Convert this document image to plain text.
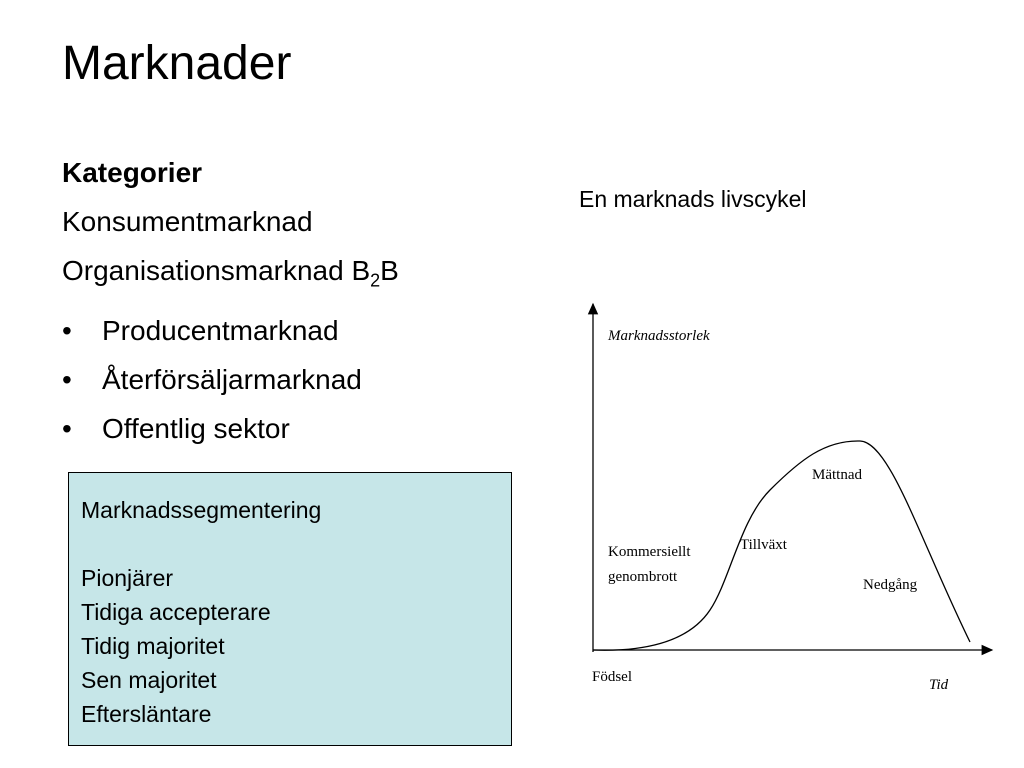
Marknader
Kategorier
Konsumentmarknad
Organisationsmarknad $B_2B$
• Producentmarknad
• Återförsäljarmarknad
• Offentlig sektor
Marknadssegmentering
Pionjärer
Tidiga accepterare
Tidig majoritet
Sen majoritet
Eftersläntare
En marknads livscykel
Marknadsstorlek
Tid
Födsel
Kommersiellt
genombrott
Tillväxt
Mättnad
Nedgång
